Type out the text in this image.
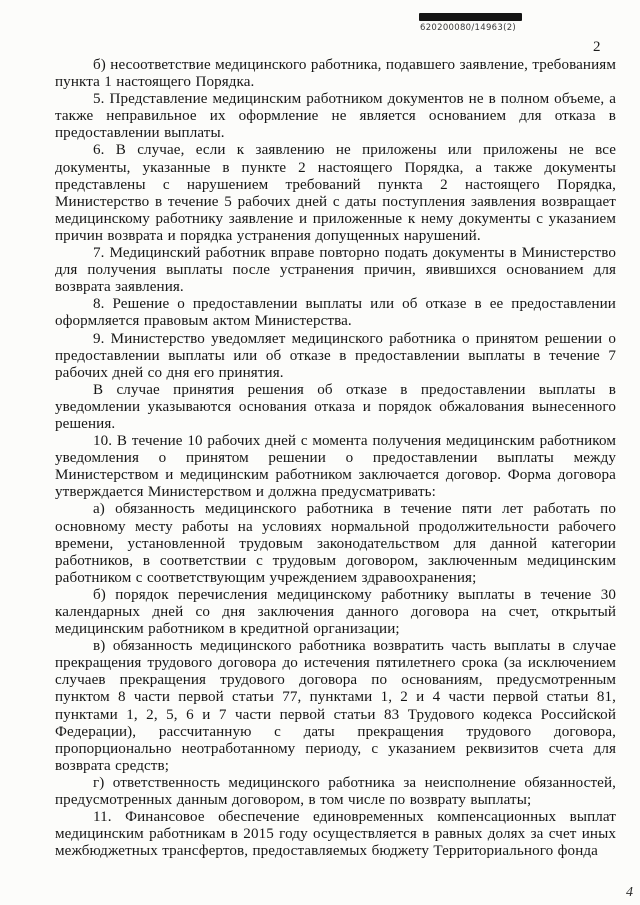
620200080/14963(2)
2

б) несоответствие медицинского работника, подавшего заявление, требованиям пункта 1 настоящего Порядка.

5. Представление медицинским работником документов не в полном объеме, а также неправильное их оформление не является основанием для отказа в предоставлении выплаты.

6. В случае, если к заявлению не приложены или приложены не все документы, указанные в пункте 2 настоящего Порядка, а также документы представлены с нарушением требований пункта 2 настоящего Порядка, Министерство в течение 5 рабочих дней с даты поступления заявления возвращает медицинскому работнику заявление и приложенные к нему документы с указанием причин возврата и порядка устранения допущенных нарушений.

7. Медицинский работник вправе повторно подать документы в Министерство для получения выплаты после устранения причин, явившихся основанием для возврата заявления.

8. Решение о предоставлении выплаты или об отказе в ее предоставлении оформляется правовым актом Министерства.

9. Министерство уведомляет медицинского работника о принятом решении о предоставлении выплаты или об отказе в предоставлении выплаты в течение 7 рабочих дней со дня его принятия.

В случае принятия решения об отказе в предоставлении выплаты в уведомлении указываются основания отказа и порядок обжалования вынесенного решения.

10. В течение 10 рабочих дней с момента получения медицинским работником уведомления о принятом решении о предоставлении выплаты между Министерством и медицинским работником заключается договор. Форма договора утверждается Министерством и должна предусматривать:

а) обязанность медицинского работника в течение пяти лет работать по основному месту работы на условиях нормальной продолжительности рабочего времени, установленной трудовым законодательством для данной категории работников, в соответствии с трудовым договором, заключенным медицинским работником с соответствующим учреждением здравоохранения;

б) порядок перечисления медицинскому работнику выплаты в течение 30 календарных дней со дня заключения данного договора на счет, открытый медицинским работником в кредитной организации;

в) обязанность медицинского работника возвратить часть выплаты в случае прекращения трудового договора до истечения пятилетнего срока (за исключением случаев прекращения трудового договора по основаниям, предусмотренным пунктом 8 части первой статьи 77, пунктами 1, 2 и 4 части первой статьи 81, пунктами 1, 2, 5, 6 и 7 части первой статьи 83 Трудового кодекса Российской Федерации), рассчитанную с даты прекращения трудового договора, пропорционально неотработанному периоду, с указанием реквизитов счета для возврата средств;

г) ответственность медицинского работника за неисполнение обязанностей, предусмотренных данным договором, в том числе по возврату выплаты;

11. Финансовое обеспечение единовременных компенсационных выплат медицинским работникам в 2015 году осуществляется в равных долях за счет иных межбюджетных трансфертов, предоставляемых бюджету Территориального фонда

4
